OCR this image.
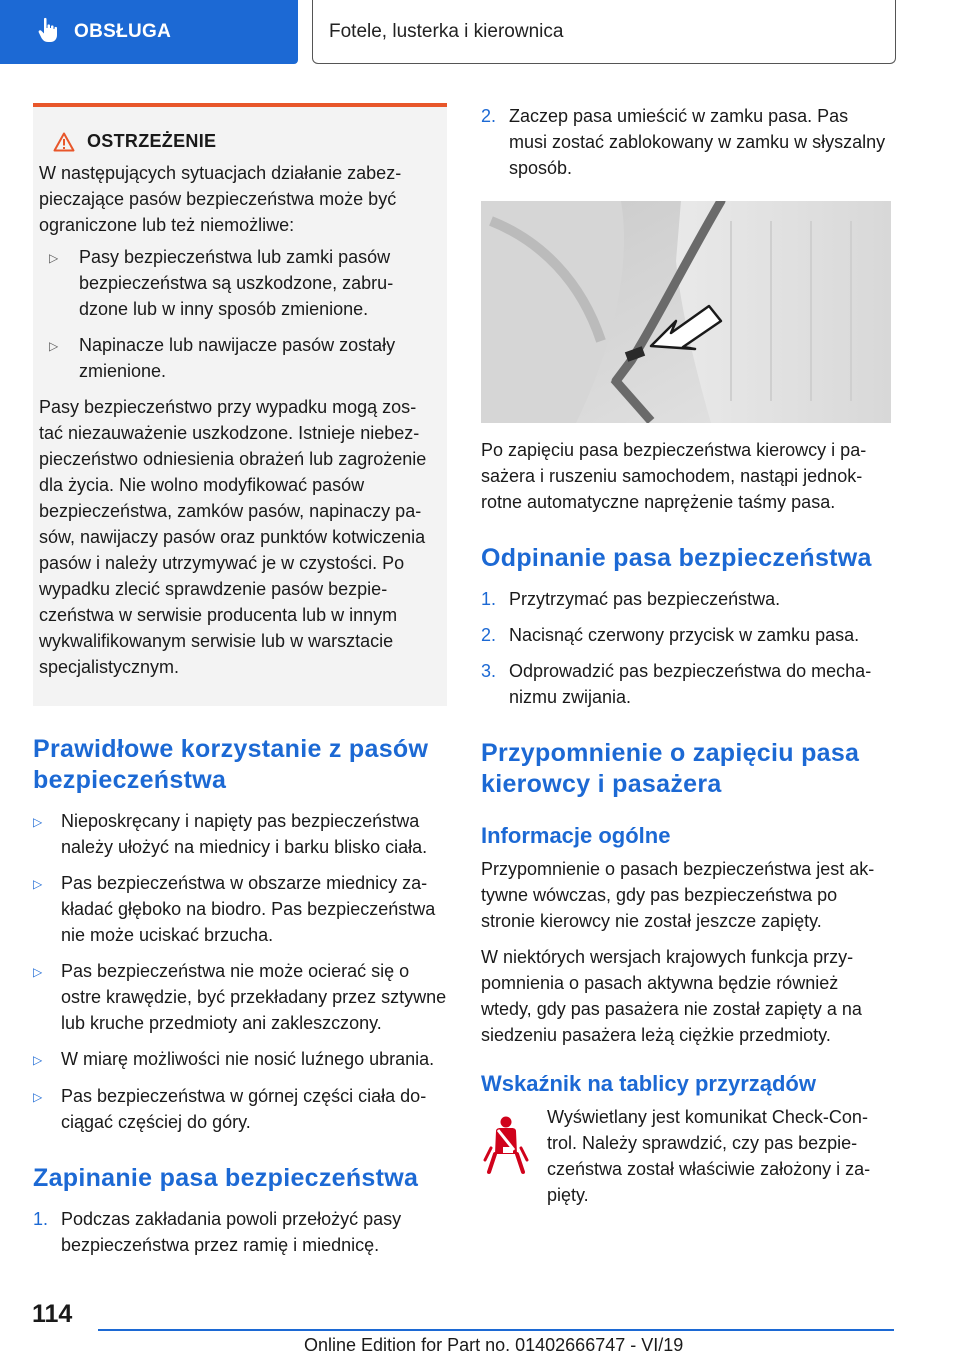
OBSŁUGA	Fotele, lusterka i kierownica
OSTRZEŻENIE

W następujących sytuacjach działanie zabezpieczające pasów bezpieczeństwa może być ograniczone lub też niemożliwe:

▷	Pasy bezpieczeństwa lub zamki pasów bezpieczeństwa są uszkodzone, zabrudzone lub w inny sposób zmienione.
▷	Napinacze lub nawijacze pasów zostały zmienione.

Pasy bezpieczeństwo przy wypadku mogą zostać niezauważenie uszkodzone. Istnieje niebezpieczeństwo odniesienia obrażeń lub zagrożenie dla życia. Nie wolno modyfikować pasów bezpieczeństwa, zamków pasów, napinaczy pasów, nawijaczy pasów oraz punktów kotwiczenia pasów i należy utrzymywać je w czystości. Po wypadku zlecić sprawdzenie pasów bezpieczeństwa w serwisie producenta lub w innym wykwalifikowanym serwisie lub w warsztacie specjalistycznym.

Prawidłowe korzystanie z pasów bezpieczeństwa
▷	Nieposkręcany i napięty pas bezpieczeństwa należy ułożyć na miednicy i barku blisko ciała.
▷	Pas bezpieczeństwa w obszarze miednicy zakładać głęboko na biodro. Pas bezpieczeństwa nie może uciskać brzucha.
▷	Pas bezpieczeństwa nie może ocierać się o ostre krawędzie, być przekładany przez sztywne lub kruche przedmioty ani zakleszczony.
▷	W miarę możliwości nie nosić luźnego ubrania.
▷	Pas bezpieczeństwa w górnej części ciała dociągać częściej do góry.
Zapinanie pasa bezpieczeństwa
1. Podczas zakładania powoli przełożyć pasy bezpieczeństwa przez ramię i miednicę.
2. Zaczep pasa umieścić w zamku pasa. Pas musi zostać zablokowany w zamku w słyszalny sposób.

Po zapięciu pasa bezpieczeństwa kierowcy i pasażera i ruszeniu samochodem, nastąpi jednokrotne automatyczne naprężenie taśmy pasa.

Odpinanie pasa bezpieczeństwa
1. Przytrzymać pas bezpieczeństwa.
2. Nacisnąć czerwony przycisk w zamku pasa.
3. Odprowadzić pas bezpieczeństwa do mechanizmu zwijania.
Przypomnienie o zapięciu pasa kierowcy i pasażera
Informacje ogólne

Przypomnienie o pasach bezpieczeństwa jest aktywne wówczas, gdy pas bezpieczeństwa po stronie kierowcy nie został jeszcze zapięty.

W niektórych wersjach krajowych funkcja przypomnienia o pasach aktywna będzie również wtedy, gdy pas pasażera nie został zapięty a na siedzeniu pasażera leżą ciężkie przedmioty.

Wskaźnik na tablicy przyrządów

Wyświetlany jest komunikat Check-Control. Należy sprawdzić, czy pas bezpieczeństwa został właściwie założony i zapięty.

114
Online Edition for Part no. 01402666747 - VI/19
